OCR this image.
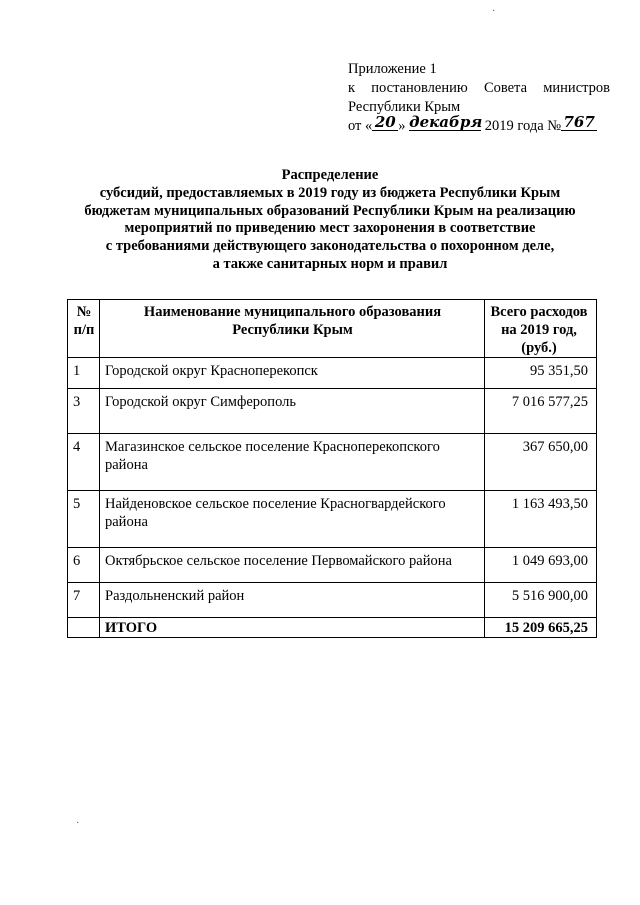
Приложение 1
к постановлению Совета министров
Республики Крым
от « 20 » декабря 2019 года № 767
Распределение
субсидий, предоставляемых в 2019 году из бюджета Республики Крым
бюджетам муниципальных образований Республики Крым на реализацию
мероприятий по приведению мест захоронения в соответствие
с требованиями действующего законодательства о похоронном деле,
а также санитарных норм и правил
№ п/п	Наименование муниципального образования Республики Крым	Всего расходов на 2019 год, (руб.)
1	Городской округ Красноперекопск	95 351,50
3	Городской округ Симферополь	7 016 577,25
4	Магазинское сельское поселение Красноперекопского района	367 650,00
5	Найденовское сельское поселение Красногвардейского района	1 163 493,50
6	Октябрьское сельское поселение Первомайского района	1 049 693,00
7	Раздольненский район	5 516 900,00
	ИТОГО	15 209 665,25
·
·
